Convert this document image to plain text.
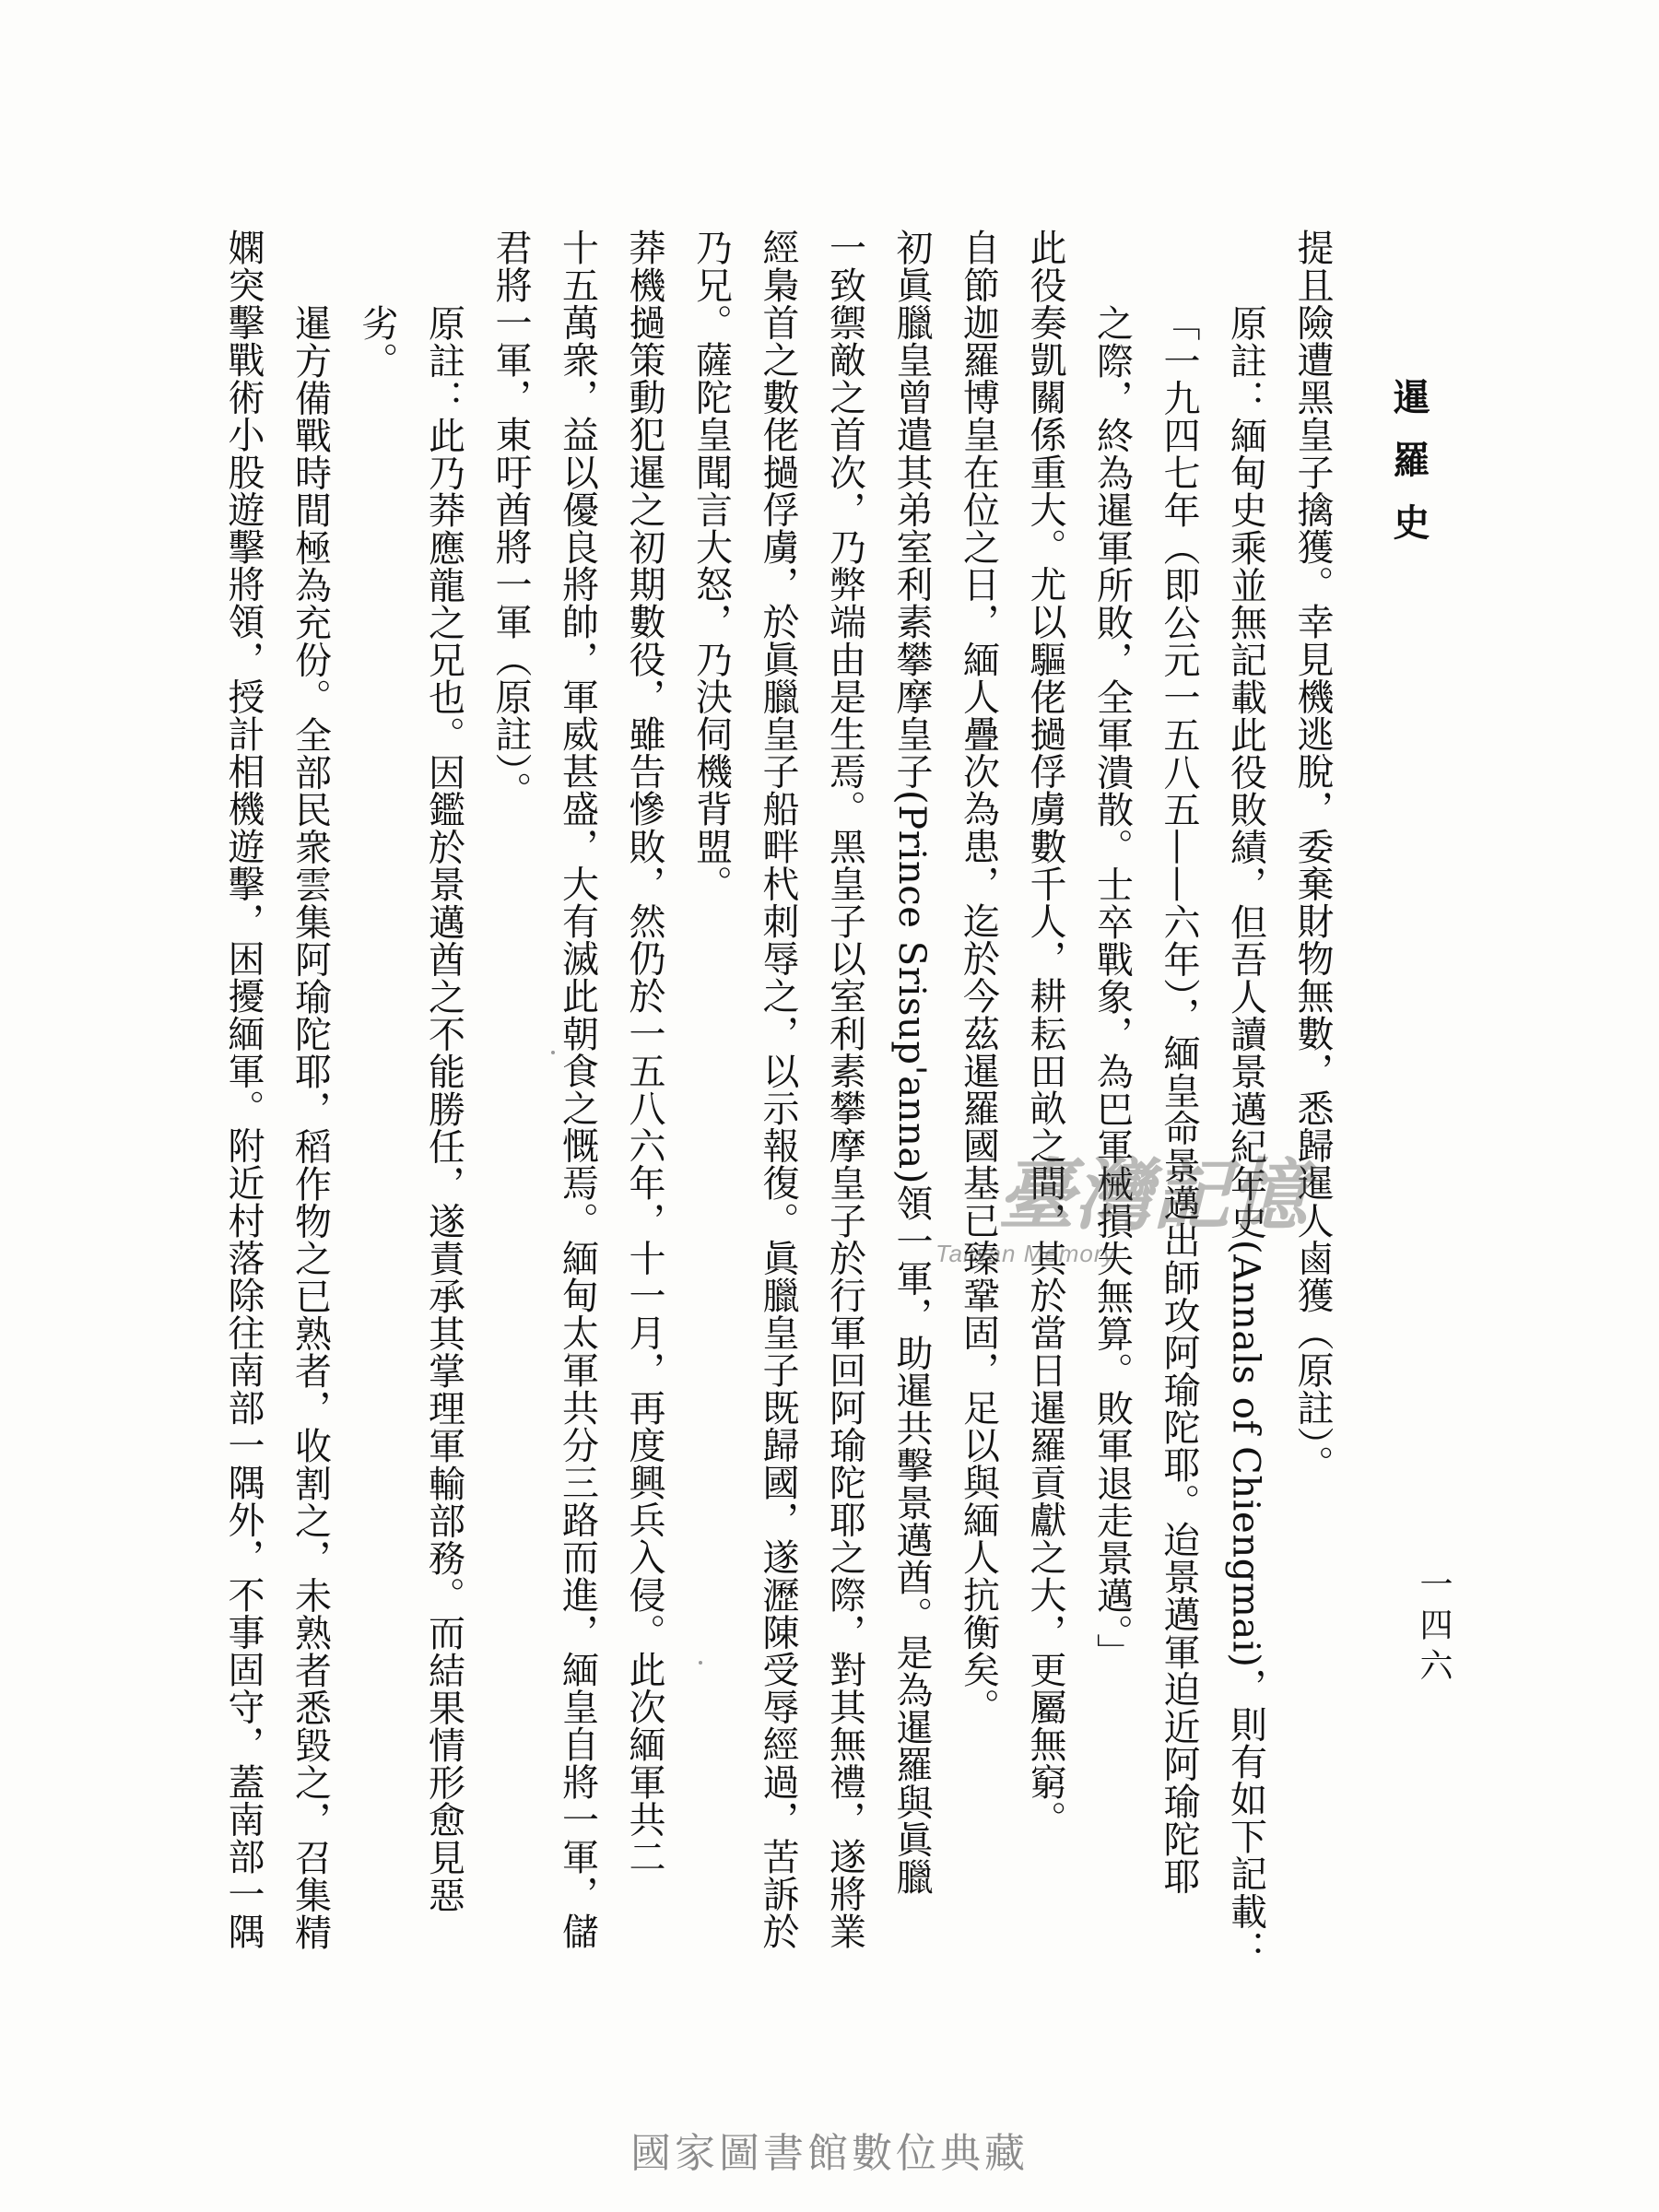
暹羅史
一四六
提且險遭黑皇子擒獲。幸見機逃脫，委棄財物無數，悉歸暹人鹵獲（原註）。
原註：緬甸史乘並無記載此役敗績，但吾人讀景邁紀年史(Annals of Chiengmai)，則有如下記載：
「一九四七年（即公元一五八五——六年），緬皇命景邁出師攻阿瑜陀耶。迨景邁軍迫近阿瑜陀耶
之際，終為暹軍所敗，全軍潰散。士卒戰象，為巴軍械損失無算。敗軍退走景邁。」
此役奏凱關係重大。尤以驅佬撾俘虜數千人，耕耘田畝之間，其於當日暹羅貢獻之大，更屬無窮。
自節迦羅博皇在位之日，緬人疊次為患，迄於今茲暹羅國基已臻鞏固，足以與緬人抗衡矣。
初眞臘皇曾遣其弟室利素攀摩皇子(Prince Srisup'anna)領一軍，助暹共擊景邁酋。是為暹羅與眞臘
一致禦敵之首次，乃弊端由是生焉。黑皇子以室利素攀摩皇子於行軍回阿瑜陀耶之際，對其無禮，遂將業
經梟首之數佬撾俘虜，於眞臘皇子船畔杙刺辱之，以示報復。眞臘皇子既歸國，遂瀝陳受辱經過，苦訴於
乃兄。薩陀皇聞言大怒，乃決伺機背盟。
莽機撾策動犯暹之初期數役，雖告慘敗，然仍於一五八六年，十一月，再度興兵入侵。此次緬軍共二
十五萬衆，益以優良將帥，軍威甚盛，大有滅此朝食之慨焉。緬甸太軍共分三路而進，緬皇自將一軍，儲
君將一軍，東吁酋將一軍（原註）。
原註：此乃莽應龍之兄也。因鑑於景邁酋之不能勝任，遂責承其掌理軍輸部務。而結果情形愈見惡
劣。
暹方備戰時間極為充份。全部民衆雲集阿瑜陀耶，稻作物之已熟者，收割之，未熟者悉毀之，召集精
嫻突擊戰術小股遊擊將領，授計相機遊擊，困擾緬軍。附近村落除往南部一隅外，不事固守，蓋南部一隅	臺灣記憶
Taiwan Memory
國家圖書館數位典藏
